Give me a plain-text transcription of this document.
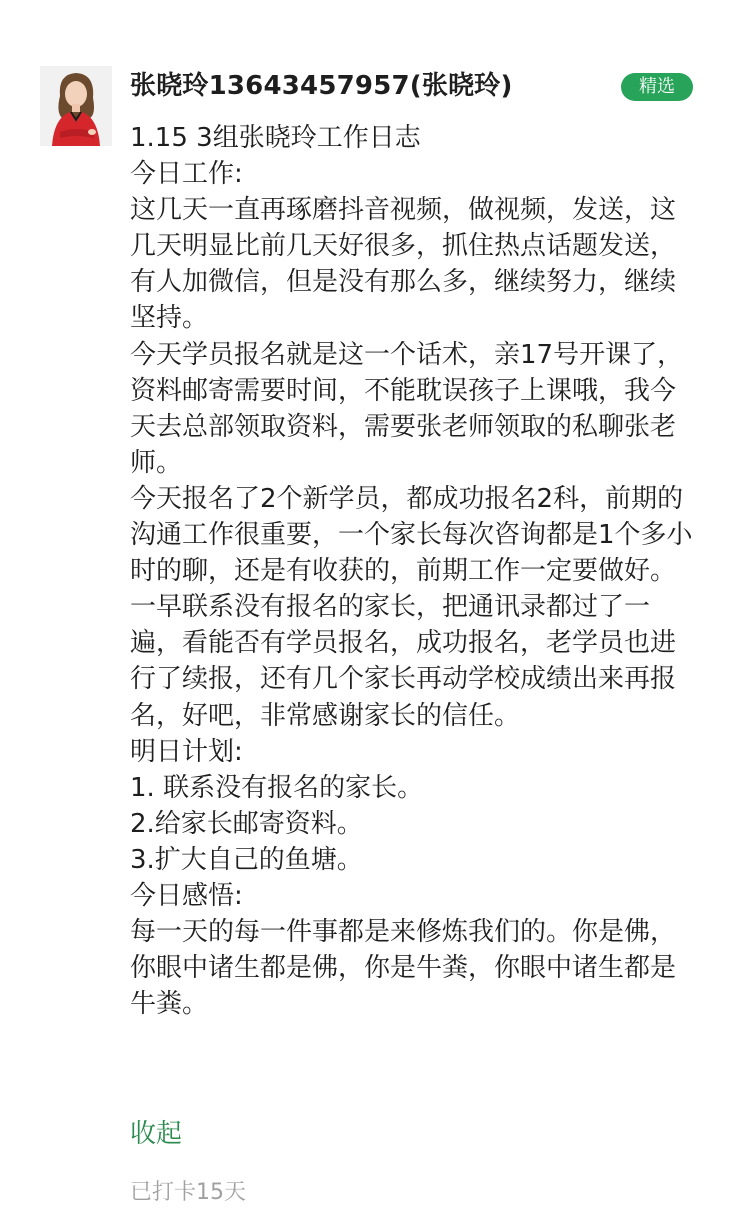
张晓玲13643457957(张晓玲)	精选

1.15 3组张晓玲工作日志

今日工作:

这几天一直再琢磨抖音视频，做视频，发送，这几天明显比前几天好很多，抓住热点话题发送，有人加微信，但是没有那么多，继续努力，继续坚持。

今天学员报名就是这一个话术，亲17号开课了，资料邮寄需要时间，不能耽误孩子上课哦，我今天去总部领取资料，需要张老师领取的私聊张老师。

今天报名了2个新学员，都成功报名2科，前期的沟通工作很重要，一个家长每次咨询都是1个多小时的聊，还是有收获的，前期工作一定要做好。

一早联系没有报名的家长，把通讯录都过了一遍，看能否有学员报名，成功报名，老学员也进行了续报，还有几个家长再动学校成绩出来再报名，好吧，非常感谢家长的信任。

明日计划:

1. 联系没有报名的家长。

2.给家长邮寄资料。

3.扩大自己的鱼塘。

今日感悟:

每一天的每一件事都是来修炼我们的。你是佛，你眼中诸生都是佛，你是牛粪，你眼中诸生都是牛粪。

收起
已打卡15天
